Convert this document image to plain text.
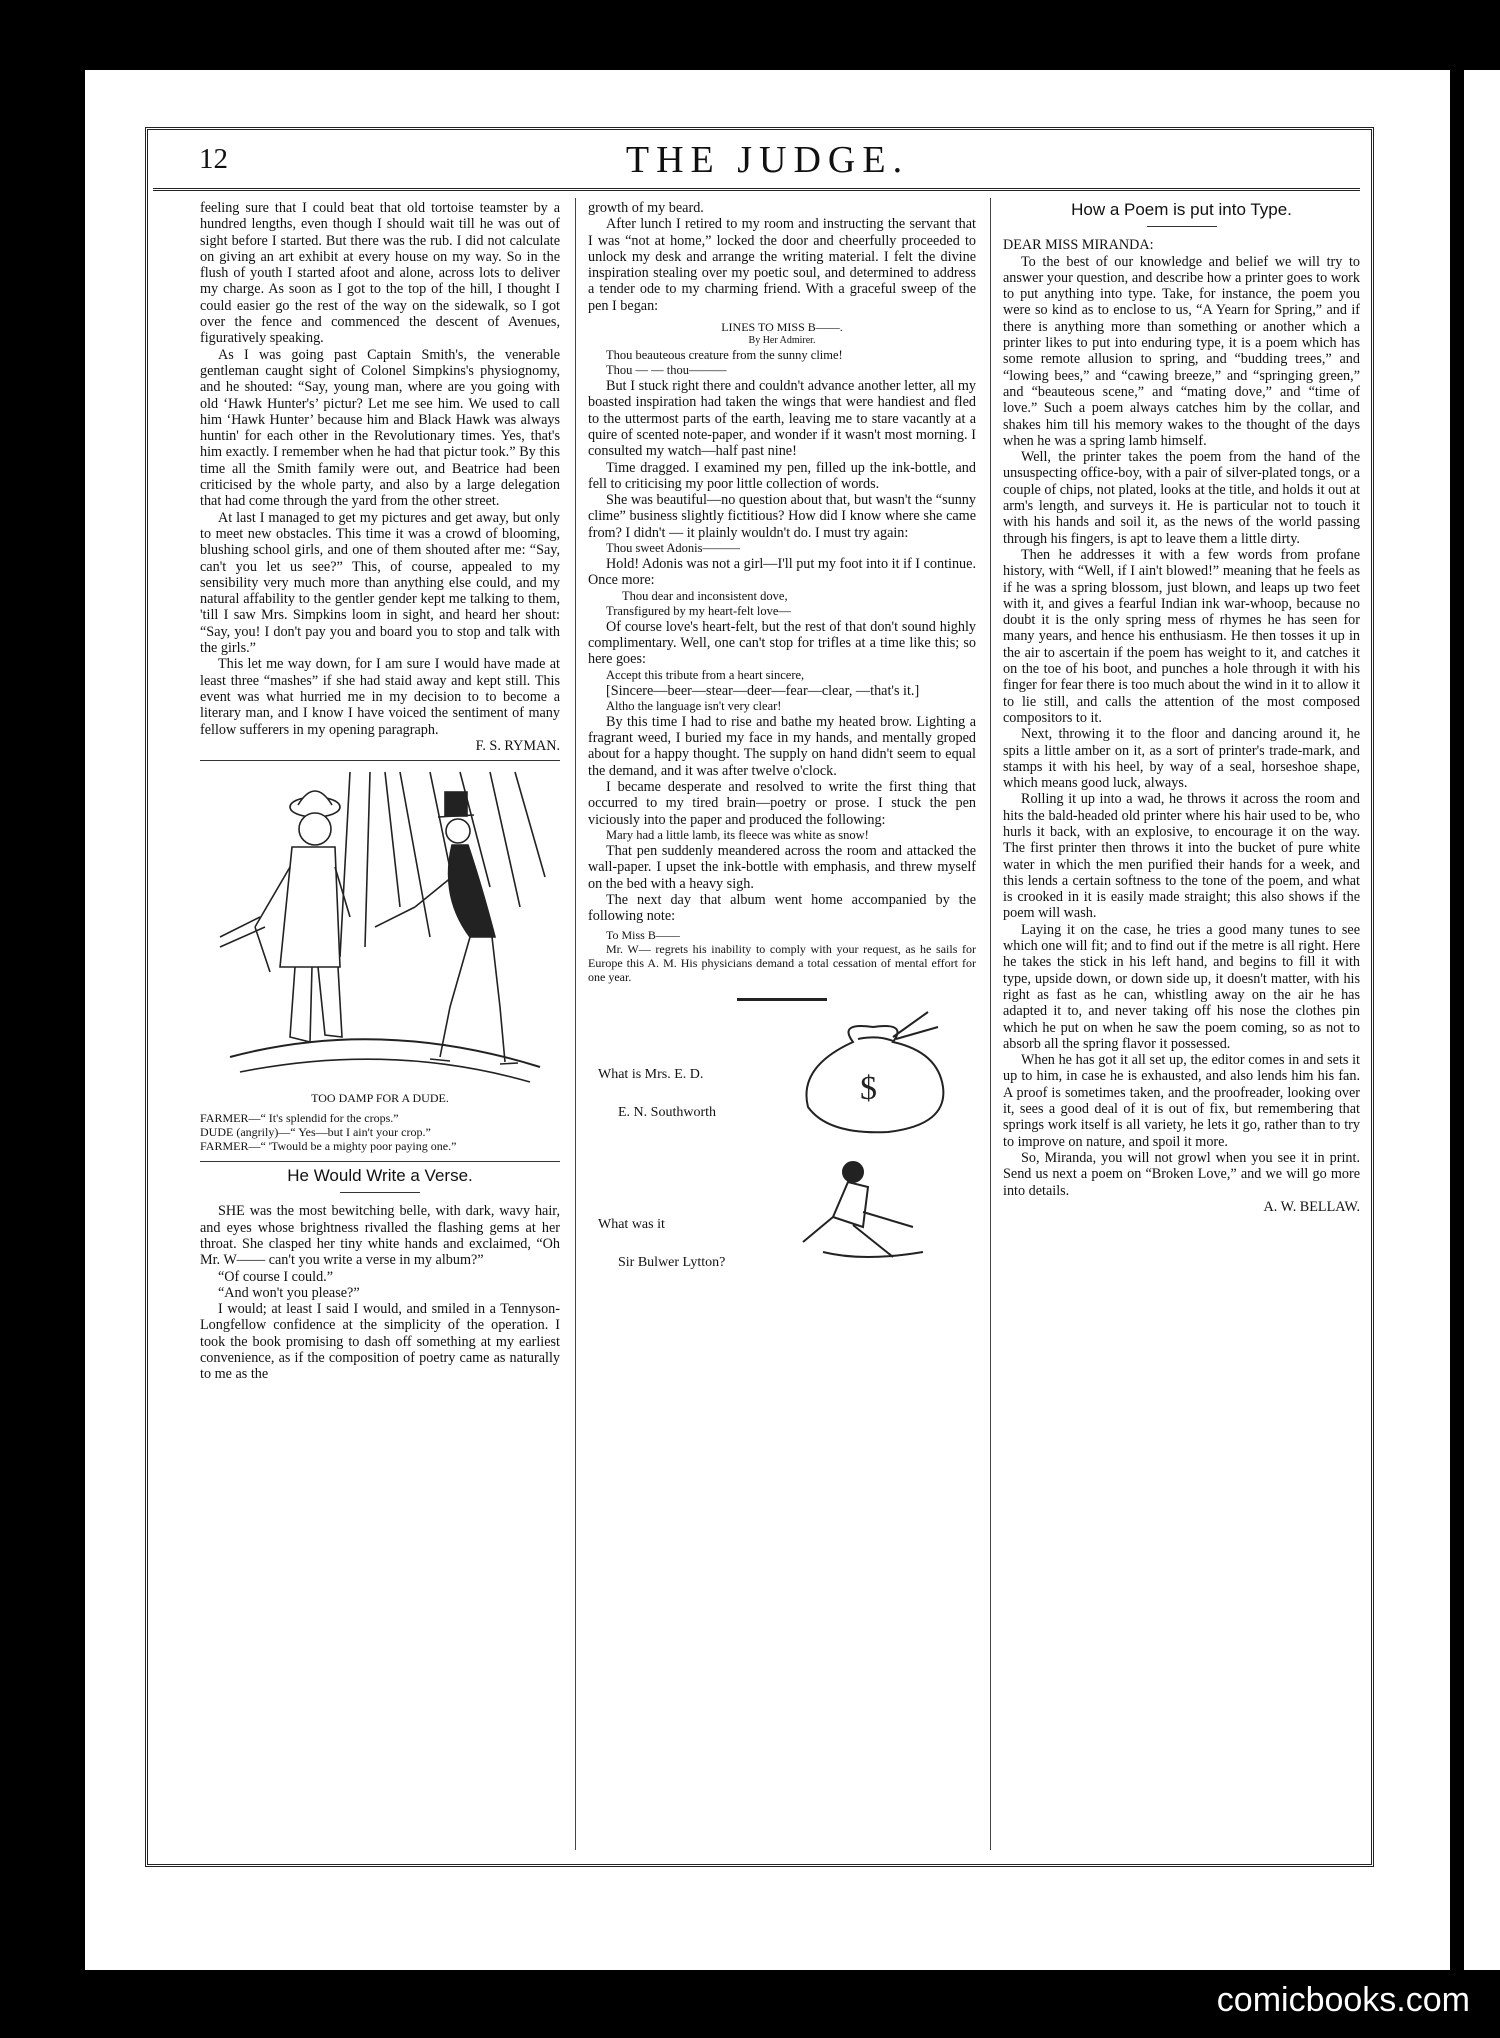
12	THE JUDGE.

feeling sure that I could beat that old tortoise teamster by a hundred lengths, even though I should wait till he was out of sight before I started. But there was the rub. I did not calculate on giving an art exhibit at every house on my way. So in the flush of youth I started afoot and alone, across lots to deliver my charge. As soon as I got to the top of the hill, I thought I could easier go the rest of the way on the sidewalk, so I got over the fence and commenced the descent of Avenues, figuratively speaking.

As I was going past Captain Smith's, the venerable gentleman caught sight of Colonel Simpkins's physiognomy, and he shouted: “Say, young man, where are you going with old ‘Hawk Hunter's’ pictur? Let me see him. We used to call him ‘Hawk Hunter’ because him and Black Hawk was always huntin' for each other in the Revolutionary times. Yes, that's him exactly. I remember when he had that pictur took.” By this time all the Smith family were out, and Beatrice had been criticised by the whole party, and also by a large delegation that had come through the yard from the other street.

At last I managed to get my pictures and get away, but only to meet new obstacles. This time it was a crowd of blooming, blushing school girls, and one of them shouted after me: “Say, can't you let us see?” This, of course, appealed to my sensibility very much more than anything else could, and my natural affability to the gentler gender kept me talking to them, 'till I saw Mrs. Simpkins loom in sight, and heard her shout: “Say, you! I don't pay you and board you to stop and talk with the girls.”

This let me way down, for I am sure I would have made at least three “mashes” if she had staid away and kept still. This event was what hurried me in my decision to to become a literary man, and I know I have voiced the sentiment of many fellow sufferers in my opening paragraph.

F. S. RYMAN.

TOO DAMP FOR A DUDE.

FARMER—“ It's splendid for the crops.”

DUDE (angrily)—“ Yes—but I ain't your crop.”

FARMER—“ 'Twould be a mighty poor paying one.”

He Would Write a Verse.

SHE was the most bewitching belle, with dark, wavy hair, and eyes whose brightness rivalled the flashing gems at her throat. She clasped her tiny white hands and exclaimed, “Oh Mr. W—— can't you write a verse in my album?”

“Of course I could.”

“And won't you please?”

I would; at least I said I would, and smiled in a Tennyson-Longfellow confidence at the simplicity of the operation. I took the book promising to dash off something at my earliest convenience, as if the composition of poetry came as naturally to me as the

growth of my beard.

After lunch I retired to my room and instructing the servant that I was “not at home,” locked the door and cheerfully proceeded to unlock my desk and arrange the writing material. I felt the divine inspiration stealing over my poetic soul, and determined to address a tender ode to my charming friend. With a graceful sweep of the pen I began:

LINES TO MISS B——.

By Her Admirer.

Thou beauteous creature from the sunny clime!

Thou — — thou———

But I stuck right there and couldn't advance another letter, all my boasted inspiration had taken the wings that were handiest and fled to the uttermost parts of the earth, leaving me to stare vacantly at a quire of scented note-paper, and wonder if it wasn't most morning. I consulted my watch—half past nine!

Time dragged. I examined my pen, filled up the ink-bottle, and fell to criticising my poor little collection of words.

She was beautiful—no question about that, but wasn't the “sunny clime” business slightly fictitious? How did I know where she came from? I didn't — it plainly wouldn't do. I must try again:

Thou sweet Adonis———

Hold! Adonis was not a girl—I'll put my foot into it if I continue. Once more:

Thou dear and inconsistent dove,

Transfigured by my heart-felt love—

Of course love's heart-felt, but the rest of that don't sound highly complimentary. Well, one can't stop for trifles at a time like this; so here goes:

Accept this tribute from a heart sincere,

[Sincere—beer—stear—deer—fear—clear, —that's it.]

Altho the language isn't very clear!

By this time I had to rise and bathe my heated brow. Lighting a fragrant weed, I buried my face in my hands, and mentally groped about for a happy thought. The supply on hand didn't seem to equal the demand, and it was after twelve o'clock.

I became desperate and resolved to write the first thing that occurred to my tired brain—poetry or prose. I stuck the pen viciously into the paper and produced the following:

Mary had a little lamb, its fleece was white as snow!

That pen suddenly meandered across the room and attacked the wall-paper. I upset the ink-bottle with emphasis, and threw myself on the bed with a heavy sigh.

The next day that album went home accompanied by the following note:

To Miss B——

Mr. W— regrets his inability to comply with your request, as he sails for Europe this A. M. His physicians demand a total cessation of mental effort for one year.

What is Mrs. E. D.
E. N. Southworth
What was it
Sir Bulwer Lytton?
$
How a Poem is put into Type.

DEAR MISS MIRANDA:

To the best of our knowledge and belief we will try to answer your question, and describe how a printer goes to work to put anything into type. Take, for instance, the poem you were so kind as to enclose to us, “A Yearn for Spring,” and if there is anything more than something or another which a printer likes to put into enduring type, it is a poem which has some remote allusion to spring, and “budding trees,” and “lowing bees,” and “cawing breeze,” and “springing green,” and “beauteous scene,” and “mating dove,” and “time of love.” Such a poem always catches him by the collar, and shakes him till his memory wakes to the thought of the days when he was a spring lamb himself.

Well, the printer takes the poem from the hand of the unsuspecting office-boy, with a pair of silver-plated tongs, or a couple of chips, not plated, looks at the title, and holds it out at arm's length, and surveys it. He is particular not to touch it with his hands and soil it, as the news of the world passing through his fingers, is apt to leave them a little dirty.

Then he addresses it with a few words from profane history, with “Well, if I ain't blowed!” meaning that he feels as if he was a spring blossom, just blown, and leaps up two feet with it, and gives a fearful Indian ink war-whoop, because no doubt it is the only spring mess of rhymes he has seen for many years, and hence his enthusiasm. He then tosses it up in the air to ascertain if the poem has weight to it, and catches it on the toe of his boot, and punches a hole through it with his finger for fear there is too much about the wind in it to allow it to lie still, and calls the attention of the most composed compositors to it.

Next, throwing it to the floor and dancing around it, he spits a little amber on it, as a sort of printer's trade-mark, and stamps it with his heel, by way of a seal, horseshoe shape, which means good luck, always.

Rolling it up into a wad, he throws it across the room and hits the bald-headed old printer where his hair used to be, who hurls it back, with an explosive, to encourage it on the way. The first printer then throws it into the bucket of pure white water in which the men purified their hands for a week, and this lends a certain softness to the tone of the poem, and what is crooked in it is easily made straight; this also shows if the poem will wash.

Laying it on the case, he tries a good many tunes to see which one will fit; and to find out if the metre is all right. Here he takes the stick in his left hand, and begins to fill it with type, upside down, or down side up, it doesn't matter, with his right as fast as he can, whistling away on the air he has adapted it to, and never taking off his nose the clothes pin which he put on when he saw the poem coming, so as not to absorb all the spring flavor it possessed.

When he has got it all set up, the editor comes in and sets it up to him, in case he is exhausted, and also lends him his fan. A proof is sometimes taken, and the proofreader, looking over it, sees a good deal of it is out of fix, but remembering that springs work itself is all variety, he lets it go, rather than to try to improve on nature, and spoil it more.

So, Miranda, you will not growl when you see it in print. Send us next a poem on “Broken Love,” and we will go more into details.

A. W. BELLAW.

comicbooks.com
